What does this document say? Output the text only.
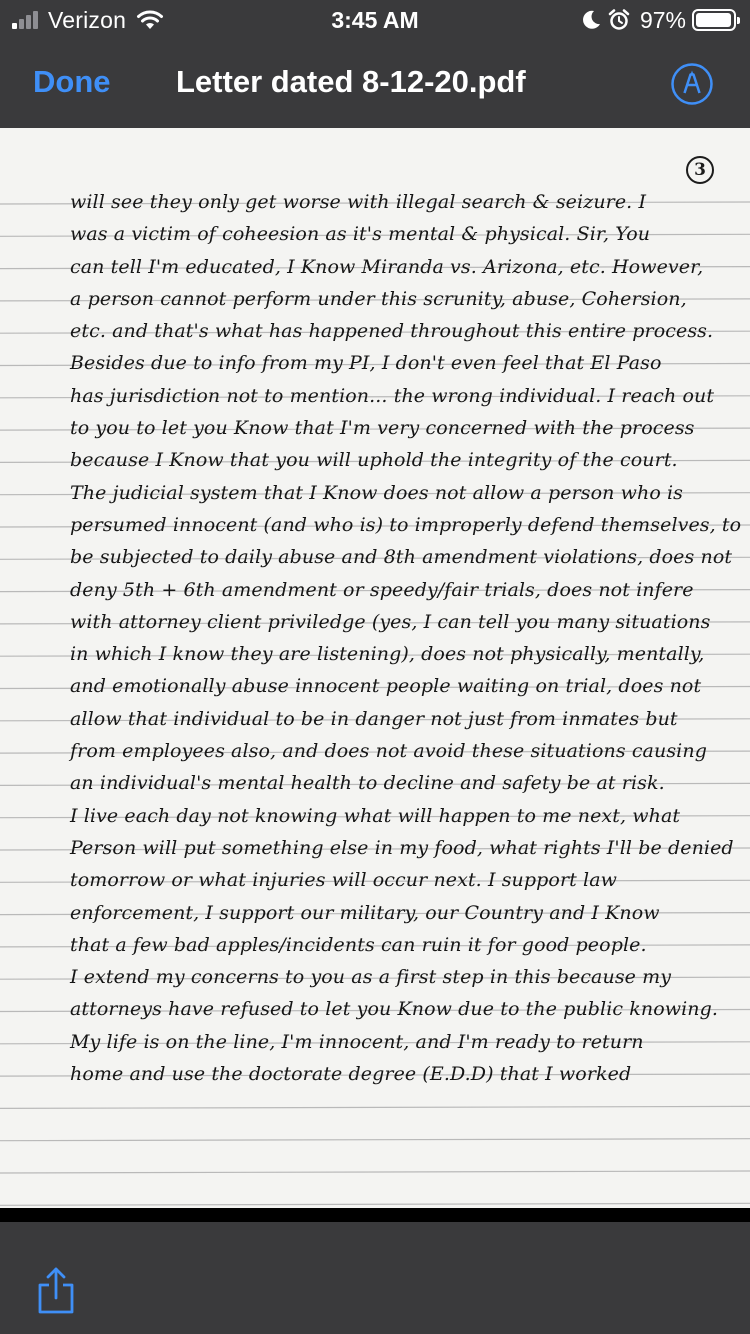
Verizon	3:45 AM	97%
Done Letter dated 8-12-20.pdf
3
will see they only get worse with illegal search & seizure. I
was a victim of coheesion as it's mental & physical. Sir, You
can tell I'm educated, I Know Miranda vs. Arizona, etc. However,
a person cannot perform under this scrunity, abuse, Cohersion,
etc. and that's what has happened throughout this entire process.
Besides due to info from my PI, I don't even feel that El Paso
has jurisdiction not to mention... the wrong individual. I reach out
to you to let you Know that I'm very concerned with the process
because I Know that you will uphold the integrity of the court.
The judicial system that I Know does not allow a person who is
persumed innocent (and who is) to improperly defend themselves, to
be subjected to daily abuse and 8th amendment violations, does not
deny 5th + 6th amendment or speedy/fair trials, does not infere
with attorney client priviledge (yes, I can tell you many situations
in which I know they are listening), does not physically, mentally,
and emotionally abuse innocent people waiting on trial, does not
allow that individual to be in danger not just from inmates but
from employees also, and does not avoid these situations causing
an individual's mental health to decline and safety be at risk.
I live each day not knowing what will happen to me next, what
Person will put something else in my food, what rights I'll be denied
tomorrow or what injuries will occur next. I support law
enforcement, I support our military, our Country and I Know
that a few bad apples/incidents can ruin it for good people.
I extend my concerns to you as a first step in this because my
attorneys have refused to let you Know due to the public knowing.
My life is on the line, I'm innocent, and I'm ready to return
home and use the doctorate degree (E.D.D) that I worked
